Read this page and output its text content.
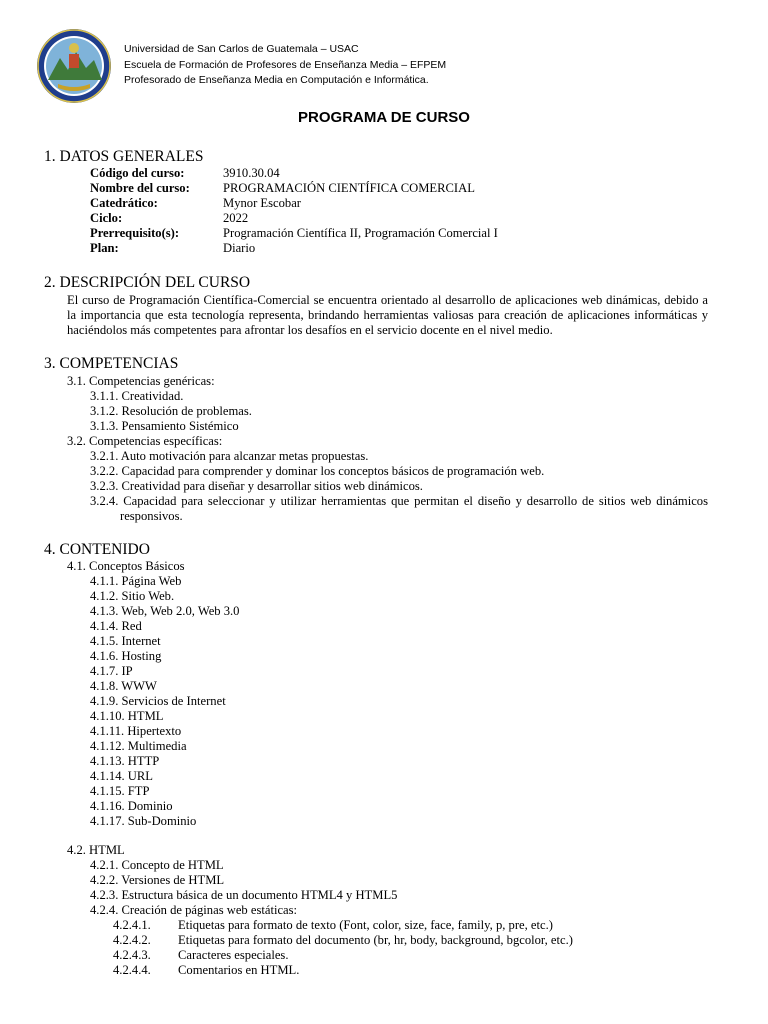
Universidad de San Carlos de Guatemala – USAC
Escuela de Formación de Profesores de Enseñanza Media – EFPEM
Profesorado de Enseñanza Media en Computación e Informática.
PROGRAMA DE CURSO
1. DATOS GENERALES
Código del curso:	3910.30.04
Nombre del curso:	PROGRAMACIÓN CIENTÍFICA COMERCIAL
Catedrático:	Mynor Escobar
Ciclo:	2022
Prerrequisito(s):	Programación Científica II, Programación Comercial I
Plan:	Diario
2. DESCRIPCIÓN DEL CURSO
El curso de Programación Científica-Comercial se encuentra orientado al desarrollo de aplicaciones web dinámicas, debido a la importancia que esta tecnología representa, brindando herramientas valiosas para creación de aplicaciones informáticas y haciéndolos más competentes para afrontar los desafíos en el servicio docente en el nivel medio.
3. COMPETENCIAS
3.1. Competencias genéricas:
3.1.1. Creatividad.
3.1.2. Resolución de problemas.
3.1.3. Pensamiento Sistémico
3.2. Competencias específicas:
3.2.1. Auto motivación para alcanzar metas propuestas.
3.2.2. Capacidad para comprender y dominar los conceptos básicos de programación web.
3.2.3. Creatividad para diseñar y desarrollar sitios web dinámicos.
3.2.4. Capacidad para seleccionar y utilizar herramientas que permitan el diseño y desarrollo de sitios web dinámicos responsivos.
4. CONTENIDO
4.1. Conceptos Básicos
4.1.1. Página Web
4.1.2. Sitio Web.
4.1.3. Web, Web 2.0, Web 3.0
4.1.4. Red
4.1.5. Internet
4.1.6. Hosting
4.1.7. IP
4.1.8. WWW
4.1.9. Servicios de Internet
4.1.10. HTML
4.1.11. Hipertexto
4.1.12. Multimedia
4.1.13. HTTP
4.1.14. URL
4.1.15. FTP
4.1.16. Dominio
4.1.17. Sub-Dominio
4.2. HTML
4.2.1. Concepto de HTML
4.2.2. Versiones de HTML
4.2.3. Estructura básica de un documento HTML4 y HTML5
4.2.4. Creación de páginas web estáticas:
4.2.4.1. Etiquetas para formato de texto (Font, color, size, face, family, p, pre, etc.)
4.2.4.2. Etiquetas para formato del documento (br, hr, body, background, bgcolor, etc.)
4.2.4.3. Caracteres especiales.
4.2.4.4. Comentarios en HTML.
